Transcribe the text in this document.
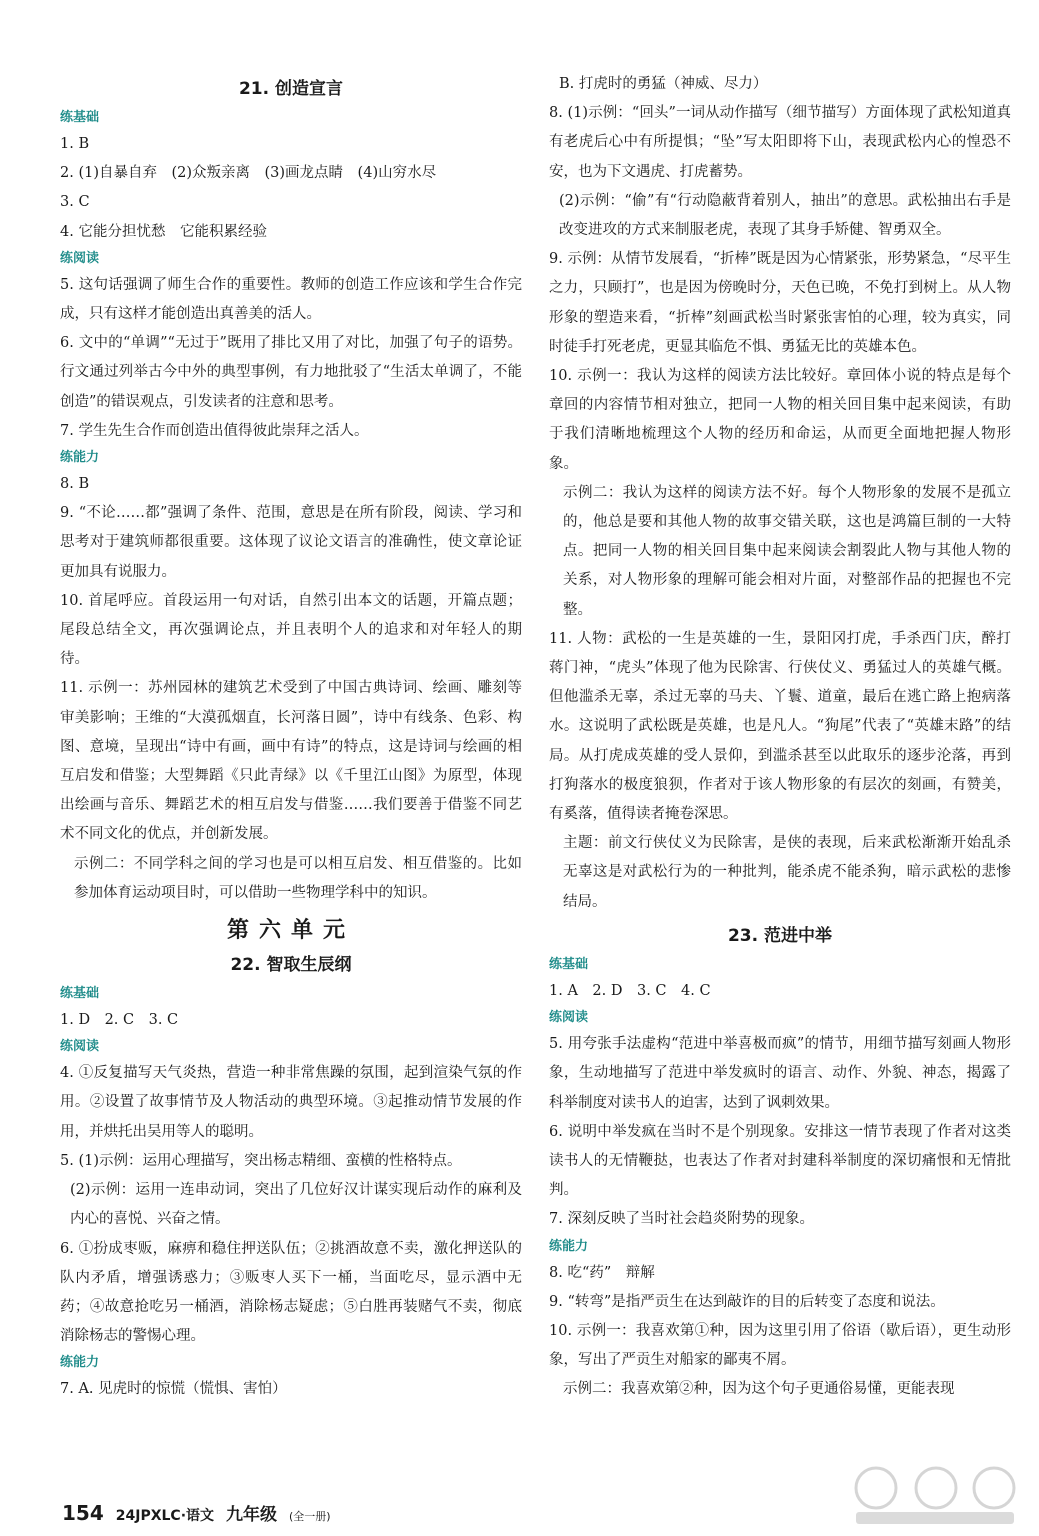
21. 创造宣言
练基础
1. B
2. (1)自暴自弃　(2)众叛亲离　(3)画龙点睛　(4)山穷水尽
3. C
4. 它能分担忧愁　它能积累经验
练阅读
5. 这句话强调了师生合作的重要性。教师的创造工作应该和学生合作完成，只有这样才能创造出真善美的活人。
6. 文中的“单调”“无过于”既用了排比又用了对比，加强了句子的语势。行文通过列举古今中外的典型事例，有力地批驳了“生活太单调了，不能创造”的错误观点，引发读者的注意和思考。
7. 学生先生合作而创造出值得彼此崇拜之活人。
练能力
8. B
9. “不论……都”强调了条件、范围，意思是在所有阶段，阅读、学习和思考对于建筑师都很重要。这体现了议论文语言的准确性，使文章论证更加具有说服力。
10. 首尾呼应。首段运用一句对话，自然引出本文的话题，开篇点题；尾段总结全文，再次强调论点，并且表明个人的追求和对年轻人的期待。
11. 示例一：苏州园林的建筑艺术受到了中国古典诗词、绘画、雕刻等审美影响；王维的“大漠孤烟直，长河落日圆”，诗中有线条、色彩、构图、意境，呈现出“诗中有画，画中有诗”的特点，这是诗词与绘画的相互启发和借鉴；大型舞蹈《只此青绿》以《千里江山图》为原型，体现出绘画与音乐、舞蹈艺术的相互启发与借鉴……我们要善于借鉴不同艺术不同文化的优点，并创新发展。
示例二：不同学科之间的学习也是可以相互启发、相互借鉴的。比如参加体育运动项目时，可以借助一些物理学科中的知识。
第六单元
22. 智取生辰纲
练基础
1. D　2. C　3. C
练阅读
4. ①反复描写天气炎热，营造一种非常焦躁的氛围，起到渲染气氛的作用。②设置了故事情节及人物活动的典型环境。③起推动情节发展的作用，并烘托出吴用等人的聪明。
5. (1)示例：运用心理描写，突出杨志精细、蛮横的性格特点。
(2)示例：运用一连串动词，突出了几位好汉计谋实现后动作的麻利及内心的喜悦、兴奋之情。
6. ①扮成枣贩，麻痹和稳住押送队伍；②挑酒故意不卖，激化押送队的队内矛盾，增强诱惑力；③贩枣人买下一桶，当面吃尽，显示酒中无药；④故意抢吃另一桶酒，消除杨志疑虑；⑤白胜再装赌气不卖，彻底消除杨志的警惕心理。
练能力
7. A. 见虎时的惊慌（慌惧、害怕）
B. 打虎时的勇猛（神威、尽力）
8. (1)示例：“回头”一词从动作描写（细节描写）方面体现了武松知道真有老虎后心中有所提惧；“坠”写太阳即将下山，表现武松内心的惶恐不安，也为下文遇虎、打虎蓄势。
(2)示例：“偷”有“行动隐蔽背着别人，抽出”的意思。武松抽出右手是改变进攻的方式来制服老虎，表现了其身手矫健、智勇双全。
9. 示例：从情节发展看，“折棒”既是因为心情紧张，形势紧急，“尽平生之力，只顾打”，也是因为傍晚时分，天色已晚，不免打到树上。从人物形象的塑造来看，“折棒”刻画武松当时紧张害怕的心理，较为真实，同时徒手打死老虎，更显其临危不惧、勇猛无比的英雄本色。
10. 示例一：我认为这样的阅读方法比较好。章回体小说的特点是每个章回的内容情节相对独立，把同一人物的相关回目集中起来阅读，有助于我们清晰地梳理这个人物的经历和命运，从而更全面地把握人物形象。
示例二：我认为这样的阅读方法不好。每个人物形象的发展不是孤立的，他总是要和其他人物的故事交错关联，这也是鸿篇巨制的一大特点。把同一人物的相关回目集中起来阅读会割裂此人物与其他人物的关系，对人物形象的理解可能会相对片面，对整部作品的把握也不完整。
11. 人物：武松的一生是英雄的一生，景阳冈打虎，手杀西门庆，醉打蒋门神，“虎头”体现了他为民除害、行侠仗义、勇猛过人的英雄气概。但他滥杀无辜，杀过无辜的马夫、丫鬟、道童，最后在逃亡路上抱病落水。这说明了武松既是英雄，也是凡人。“狗尾”代表了“英雄末路”的结局。从打虎成英雄的受人景仰，到滥杀甚至以此取乐的逐步沦落，再到打狗落水的极度狼狈，作者对于该人物形象的有层次的刻画，有赞美，有奚落，值得读者掩卷深思。
主题：前文行侠仗义为民除害，是侠的表现，后来武松渐渐开始乱杀无辜这是对武松行为的一种批判，能杀虎不能杀狗，暗示武松的悲惨结局。
23. 范进中举
练基础
1. A　2. D　3. C　4. C
练阅读
5. 用夸张手法虚构“范进中举喜极而疯”的情节，用细节描写刻画人物形象，生动地描写了范进中举发疯时的语言、动作、外貌、神态，揭露了科举制度对读书人的迫害，达到了讽刺效果。
6. 说明中举发疯在当时不是个别现象。安排这一情节表现了作者对这类读书人的无情鞭挞，也表达了作者对封建科举制度的深切痛恨和无情批判。
7. 深刻反映了当时社会趋炎附势的现象。
练能力
8. 吃“药”　辩解
9. “转弯”是指严贡生在达到敲诈的目的后转变了态度和说法。
10. 示例一：我喜欢第①种，因为这里引用了俗语（歇后语），更生动形象，写出了严贡生对船家的鄙夷不屑。
示例二：我喜欢第②种，因为这个句子更通俗易懂，更能表现
154 24JPXLC·语文 九年级 (全一册)
